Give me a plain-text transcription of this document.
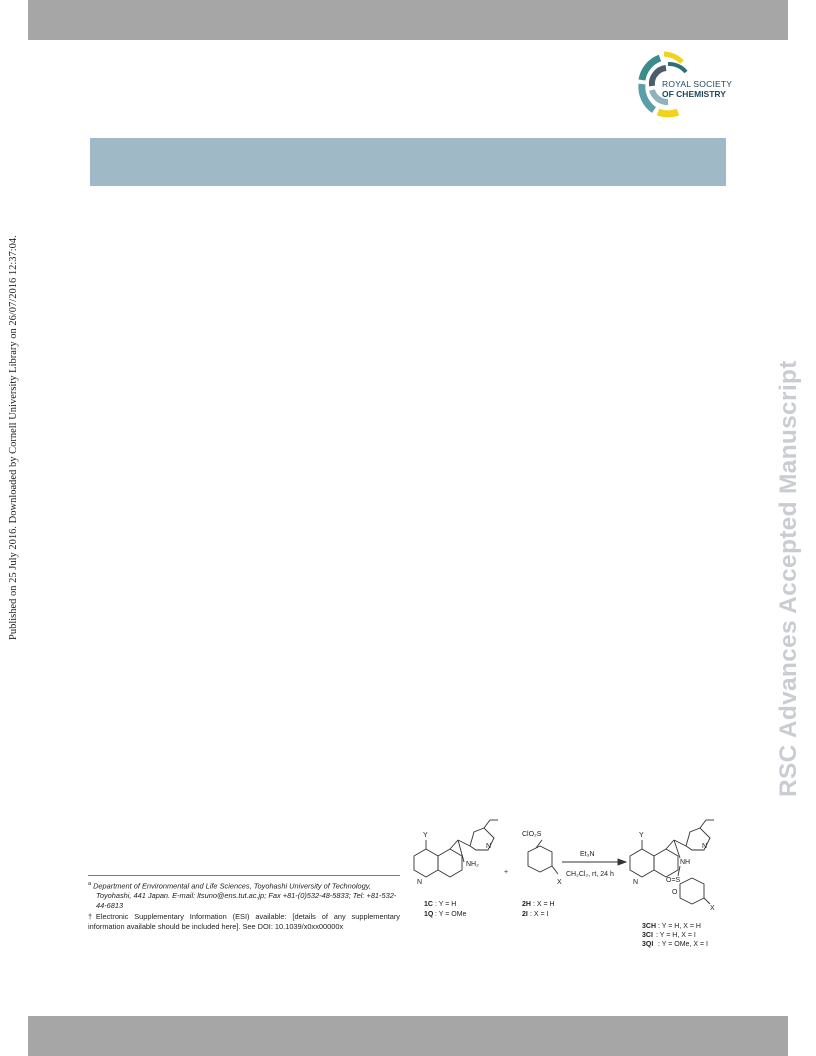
ROYAL SOCIETY
OF CHEMISTRY
Published on 25 July 2016. Downloaded by Cornell University Library on 26/07/2016 12:37:04.	RSC Advances Accepted Manuscript
$^a$ Department of Environmental and Life Sciences, Toyohashi University of Technology, Toyohashi, 441 Japan. E-mail: ltsuno@ens.tut.ac.jp; Fax +81-(0)532-48-5833; Tel: +81-532-44-6813
†Electronic Supplementary Information (ESI) available: [details of any supplementary information available should be included here]. See DOI: 10.1039/x0xx00000x
Y
N
NH₂
N
1C : Y = H
1Q : Y = OMe
+
ClO₂S
X
2H : X = H
2I : X = I
Et₃N
CH₂Cl₂, rt, 24 h
Y
N
NH
O=S
O
X
N
3CH : Y = H, X = H
3CI : Y = H, X = I
3QI : Y = OMe, X = I
